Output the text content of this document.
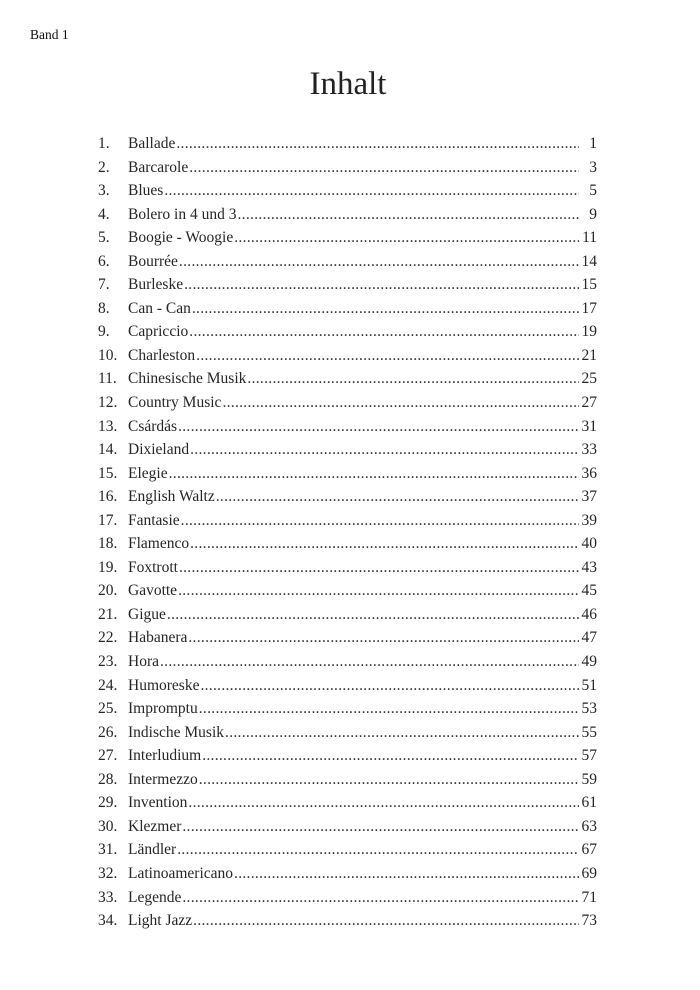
Band 1
Inhalt
1.	Ballade .....	1
2.	Barcarole .....	3
3.	Blues .....	5
4.	Bolero in 4 und 3 .....	9
5.	Boogie - Woogie .....	11
6.	Bourrée .....	14
7.	Burleske .....	15
8.	Can - Can .....	17
9.	Capriccio .....	19
10. Charleston .....	21
11. Chinesische Musik .....	25
12. Country Music .....	27
13. Csárdás .....	31
14. Dixieland .....	33
15. Elegie .....	36
16. English Waltz .....	37
17. Fantasie .....	39
18. Flamenco .....	40
19. Foxtrott .....	43
20. Gavotte .....	45
21. Gigue .....	46
22. Habanera .....	47
23. Hora .....	49
24. Humoreske .....	51
25. Impromptu .....	53
26. Indische Musik .....	55
27. Interludium .....	57
28. Intermezzo .....	59
29. Invention .....	61
30. Klezmer .....	63
31. Ländler .....	67
32. Latinoamericano .....	69
33. Legende .....	71
34. Light Jazz .....	73
